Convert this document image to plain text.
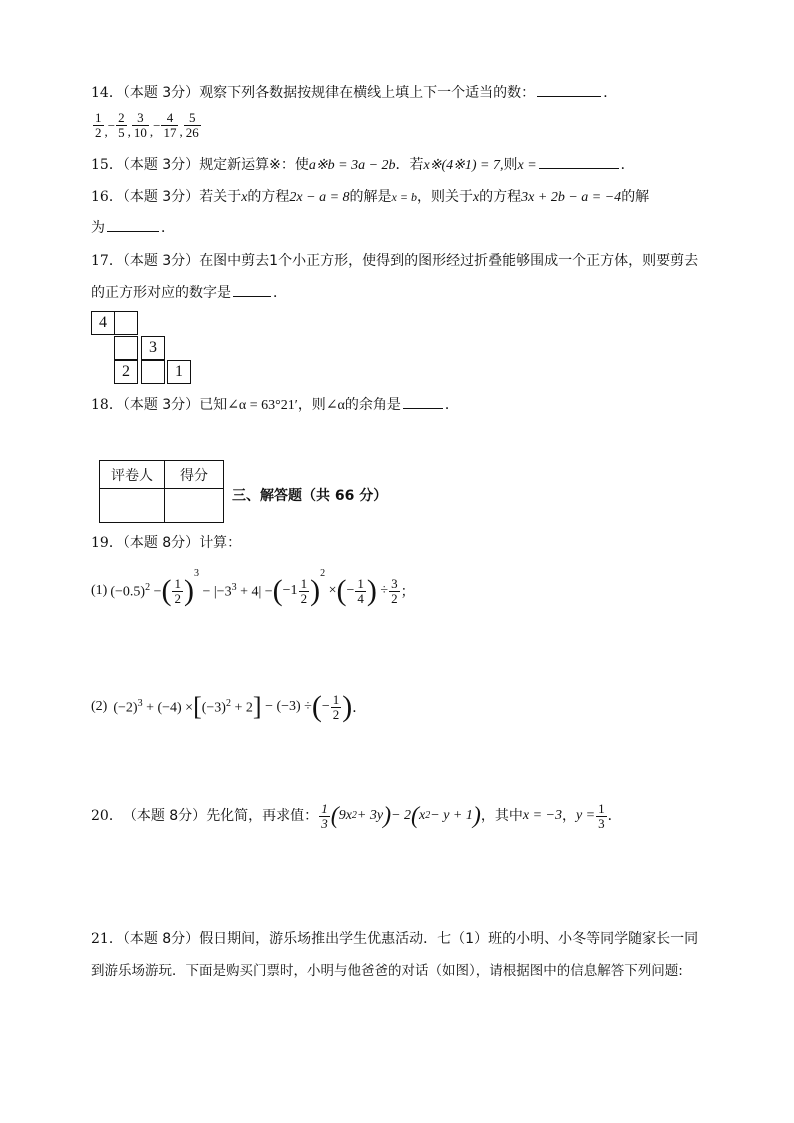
14．（本题 3分）观察下列各数据按规律在横线上填上下一个适当的数：	．
$\frac{1}{2}$ , − $\frac{2}{5}$ , $\frac{3}{10}$ , − $\frac{4}{17}$ , $\frac{5}{26}$
15．（本题 3分）规定新运算※：使a※b = 3a − 2b．若x※(4※1) = 7,则x =	．
16．（本题 3分）若关于x的方程2x − a = 8的解是x = b，则关于x的方程3x + 2b − a = −4的解
为	．
17．（本题 3分）在图中剪去1个小正方形，使得到的图形经过折叠能够围成一个正方体，则要剪去
的正方形对应的数字是	．
4
3
2	1
18．（本题 3分）已知∠α = 63°21′，则∠α的余角是	．
评卷人	得分

三、解答题（共 66 分）
19．（本题 8分）计算：
(1) $(-0.5)^2$ − ( $\frac{1}{2}$ )
3
− $|-3^3 + 4|$ − ( $-1 \frac{1}{2}$ )
2
× ( − $\frac{1}{4}$ ) ÷ $\frac{3}{2}$ ；
(2) $(-2)^3 + (-4)$ × [ $(-3)^2 + 2$ ] − (−3) ÷ ( − $\frac{1}{2}$ ) ．
20． （本题 8分） 先化简，再求值： $\frac{1}{3}$ ( 9x 2 + 3y ) − 2 ( x 2 − y + 1 ) ，其中 x = −3 ， $y = \frac{1}{3}$ ．
21．（本题 8分）假日期间，游乐场推出学生优惠活动．七（1）班的小明、小冬等同学随家长一同
到游乐场游玩．下面是购买门票时，小明与他爸爸的对话（如图），请根据图中的信息解答下列问题:
